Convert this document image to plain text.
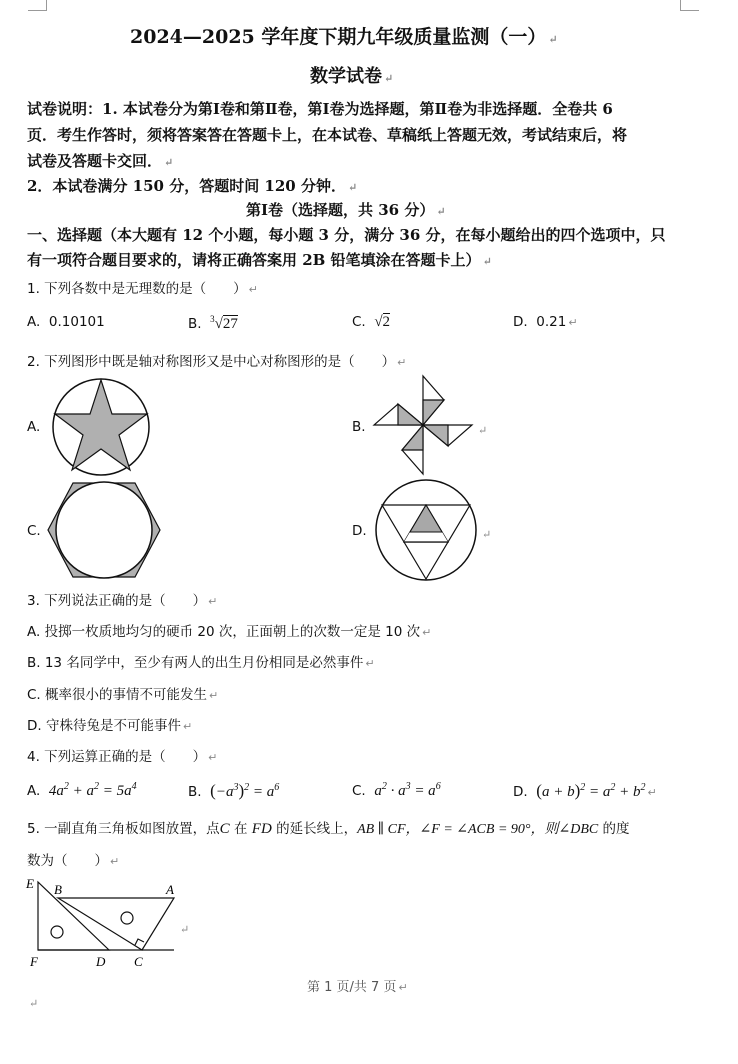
2024—2025 学年度下期九年级质量监测（一） ↵
数学试卷 ↵
试卷说明：1. 本试卷分为第Ⅰ卷和第Ⅱ卷，第Ⅰ卷为选择题，第Ⅱ卷为非选择题．全卷共 6
页．考生作答时，须将答案答在答题卡上，在本试卷、草稿纸上答题无效，考试结束后，将
试卷及答题卡交回． ↵
2．本试卷满分 150 分，答题时间 120 分钟． ↵
第Ⅰ卷（选择题，共 36 分） ↵
一、选择题（本大题有 12 个小题，每小题 3 分，满分 36 分，在每小题给出的四个选项中，只
有一项符合题目要求的，请将正确答案用 2B 铅笔填涂在答题卡上） ↵
1. 下列各数中是无理数的是（　　） ↵
A. 0.10101	B. $^3$√27	C. √2	D. 0.21 ↵
2. 下列图形中既是轴对称图形又是中心对称图形的是（　　） ↵
A.	B.	↵
C.	D.	↵
3. 下列说法正确的是（　　） ↵
A. 投掷一枚质地均匀的硬币 20 次，正面朝上的次数一定是 10 次 ↵
B. 13 名同学中，至少有两人的出生月份相同是必然事件 ↵
C. 概率很小的事情不可能发生 ↵
D. 守株待兔是不可能事件 ↵
4. 下列运算正确的是（　　） ↵
A. $4a^2 + a^2 = 5a^4$	B. $(-a^3)^2 = a^6$	C. $a^2 \cdot a^3 = a^6$	D. $(a + b)^2 = a^2 + b^2$ ↵
5. 一副直角三角板如图放置，点C 在 FD 的延长线上，AB ∥ CF，∠F = ∠ACB = 90°，则∠DBC 的度
数为（　　） ↵
E B	A
F	D C
↵
第 1 页/共 7 页 ↵
↵
